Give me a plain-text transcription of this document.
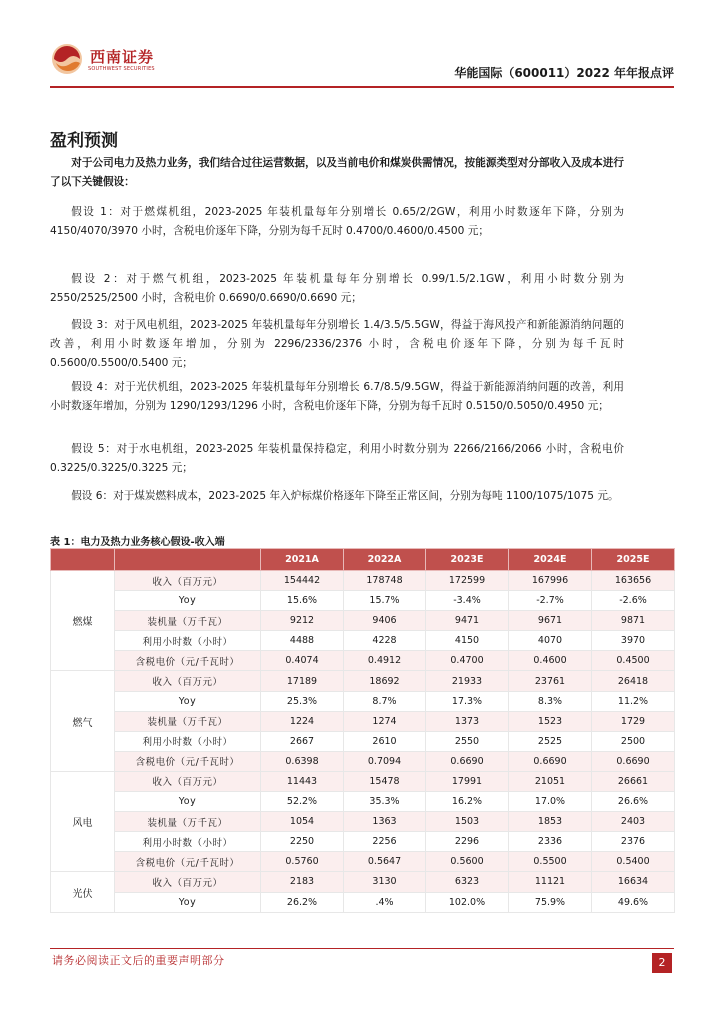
西南证券
SOUTHWEST SECURITIES	华能国际（600011）2022 年年报点评
盈利预测

对于公司电力及热力业务，我们结合过往运营数据，以及当前电价和煤炭供需情况，按能源类型对分部收入及成本进行了以下关键假设：

假设 1：对于燃煤机组，2023-2025 年装机量每年分别增长 0.65/2/2GW，利用小时数逐年下降，分别为 4150/4070/3970 小时，含税电价逐年下降，分别为每千瓦时 0.4700/0.4600/0.4500 元；

假设 2：对于燃气机组，2023-2025 年装机量每年分别增长 0.99/1.5/2.1GW，利用小时数分别为 2550/2525/2500 小时，含税电价 0.6690/0.6690/0.6690 元；

假设 3：对于风电机组，2023-2025 年装机量每年分别增长 1.4/3.5/5.5GW，得益于海风投产和新能源消纳问题的改善，利用小时数逐年增加，分别为 2296/2336/2376 小时，含税电价逐年下降，分别为每千瓦时 0.5600/0.5500/0.5400 元；

假设 4：对于光伏机组，2023-2025 年装机量每年分别增长 6.7/8.5/9.5GW，得益于新能源消纳问题的改善，利用小时数逐年增加，分别为 1290/1293/1296 小时，含税电价逐年下降，分别为每千瓦时 0.5150/0.5050/0.4950 元；

假设 5：对于水电机组，2023-2025 年装机量保持稳定，利用小时数分别为 2266/2166/2066 小时，含税电价 0.3225/0.3225/0.3225 元；

假设 6：对于煤炭燃料成本，2023-2025 年入炉标煤价格逐年下降至正常区间，分别为每吨 1100/1075/1075 元。

表 1：电力及热力业务核心假设-收入端
		2021A	2022A	2023E	2024E	2025E
燃煤	收入（百万元）	154442	178748	172599	167996	163656
	Yoy	15.6%	15.7%	-3.4%	-2.7%	-2.6%
	装机量（万千瓦）	9212	9406	9471	9671	9871
	利用小时数（小时）	4488	4228	4150	4070	3970
	含税电价（元/千瓦时）	0.4074	0.4912	0.4700	0.4600	0.4500
燃气	收入（百万元）	17189	18692	21933	23761	26418
	Yoy	25.3%	8.7%	17.3%	8.3%	11.2%
	装机量（万千瓦）	1224	1274	1373	1523	1729
	利用小时数（小时）	2667	2610	2550	2525	2500
	含税电价（元/千瓦时）	0.6398	0.7094	0.6690	0.6690	0.6690
风电	收入（百万元）	11443	15478	17991	21051	26661
	Yoy	52.2%	35.3%	16.2%	17.0%	26.6%
	装机量（万千瓦）	1054	1363	1503	1853	2403
	利用小时数（小时）	2250	2256	2296	2336	2376
	含税电价（元/千瓦时）	0.5760	0.5647	0.5600	0.5500	0.5400
光伏	收入（百万元）	2183	3130	6323	11121	16634
	Yoy	26.2%	.4%	102.0%	75.9%	49.6%
请务必阅读正文后的重要声明部分	2
